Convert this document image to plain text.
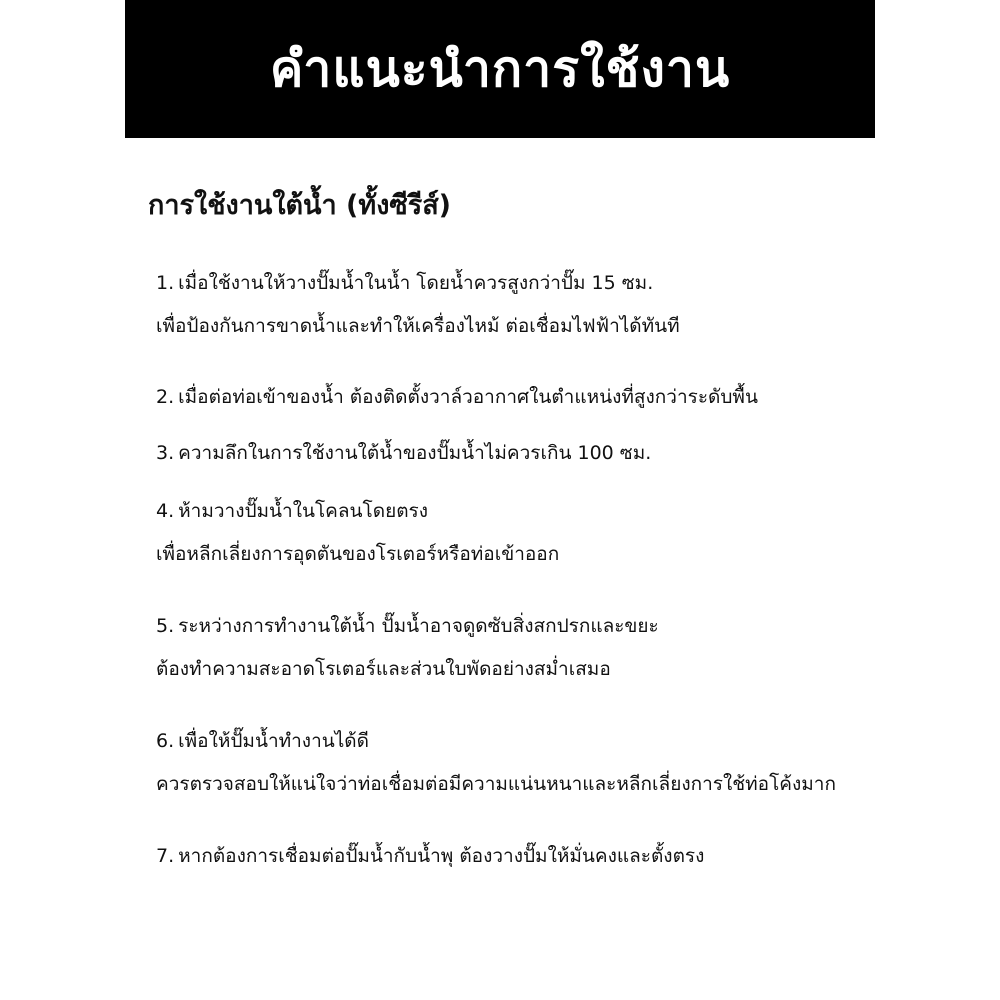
คำแนะนำการใช้งาน
การใช้งานใต้น้ำ (ทั้งซีรีส์)
1. เมื่อใช้งานให้วางปั๊มน้ำในน้ำ โดยน้ำควรสูงกว่าปั๊ม 15 ซม.
เพื่อป้องกันการขาดน้ำและทำให้เครื่องไหม้ ต่อเชื่อมไฟฟ้าได้ทันที
2. เมื่อต่อท่อเข้าของน้ำ ต้องติดตั้งวาล์วอากาศในตำแหน่งที่สูงกว่าระดับพื้น
3. ความลึกในการใช้งานใต้น้ำของปั๊มน้ำไม่ควรเกิน 100 ซม.
4. ห้ามวางปั๊มน้ำในโคลนโดยตรง
เพื่อหลีกเลี่ยงการอุดตันของโรเตอร์หรือท่อเข้าออก
5. ระหว่างการทำงานใต้น้ำ ปั๊มน้ำอาจดูดซับสิ่งสกปรกและขยะ
ต้องทำความสะอาดโรเตอร์และส่วนใบพัดอย่างสม่ำเสมอ
6. เพื่อให้ปั๊มน้ำทำงานได้ดี
ควรตรวจสอบให้แน่ใจว่าท่อเชื่อมต่อมีความแน่นหนาและหลีกเลี่ยงการใช้ท่อโค้งมาก
7. หากต้องการเชื่อมต่อปั๊มน้ำกับน้ำพุ ต้องวางปั๊มให้มั่นคงและตั้งตรง
